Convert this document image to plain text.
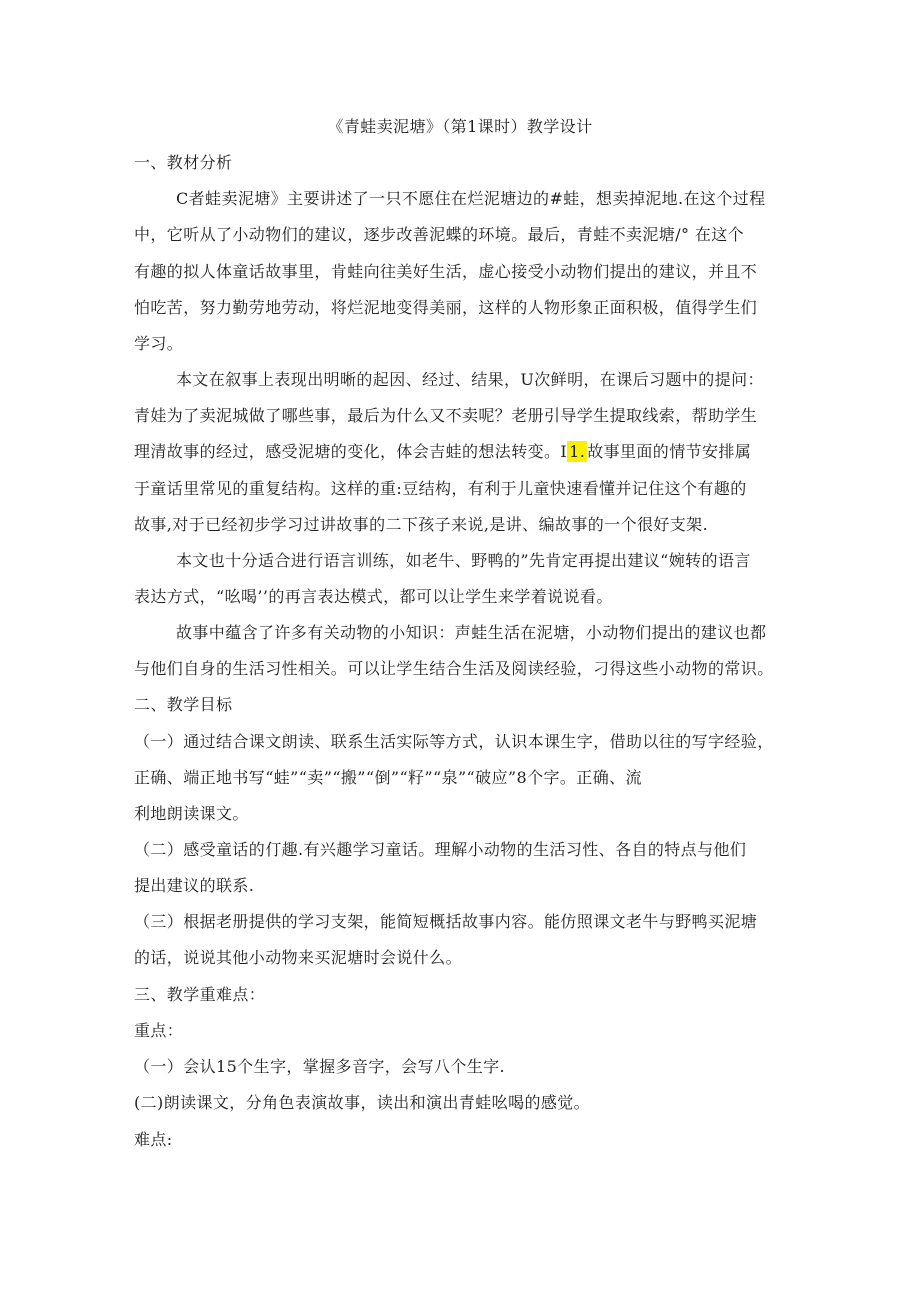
《青蛙卖泥塘》（第1课时）教学设计
一、教材分析
C者蛙卖泥塘》主要讲述了一只不愿住在烂泥塘边的#蛙，想卖掉泥地.在这个过程
中，它听从了小动物们的建议，逐步改善泥蝶的环境。最后，青蛙不卖泥塘/° 在这个
有趣的拟人体童话故事里，肯蛙向往美好生活，虚心接受小动物们提出的建议，并且不
怕吃苦，努力勤劳地劳动，将烂泥地变得美丽，这样的人物形象正面积极，值得学生们
学习。
本文在叙事上表现出明晰的起因、经过、结果，U次鲜明，在课后习题中的提问：
青娃为了卖泥城做了哪些事，最后为什么又不卖呢？老册引导学生提取线索，帮助学生
理清故事的经过，感受泥塘的变化，体会吉蛙的想法转变。I 1. 故事里面的情节安排属
于童话里常见的重复结构。这样的重:豆结构，有利于儿童快速看懂并记住这个有趣的
故事,对于已经初步学习过讲故事的二下孩子来说,是讲、编故事的一个很好支架.
本文也十分适合进行语言训练，如老牛、野鸭的”先肯定再提出建议“婉转的语言
表达方式，“吆喝’’的再言表达模式，都可以让学生来学着说说看。
故事中蕴含了许多有关动物的小知识：声蛙生活在泥塘，小动物们提出的建议也都
与他们自身的生活习性相关。可以让学生结合生活及阅读经验，刁得这些小动物的常识。
二、教学目标
（一）通过结合课文朗读、联系生活实际等方式，认识本课生字，借助以往的写字经验，
正确、端正地书写“蛙”“卖”“搬”“倒”“籽”“泉”“破应”8个字。正确、流
利地朗读课文。
（二）感受童话的仃趣.有兴趣学习童话。理解小动物的生活习性、各自的特点与他们
提出建议的联系.
（三）根据老册提供的学习支架，能简短概括故事内容。能仿照课文老牛与野鸭买泥塘
的话，说说其他小动物来买泥塘时会说什么。
三、教学重难点：
重点：
（一）会认15个生字，掌握多音字，会写八个生字.
(二)朗读课文，分角色表演故事，读出和演出青蛙吆喝的感觉。
难点:
